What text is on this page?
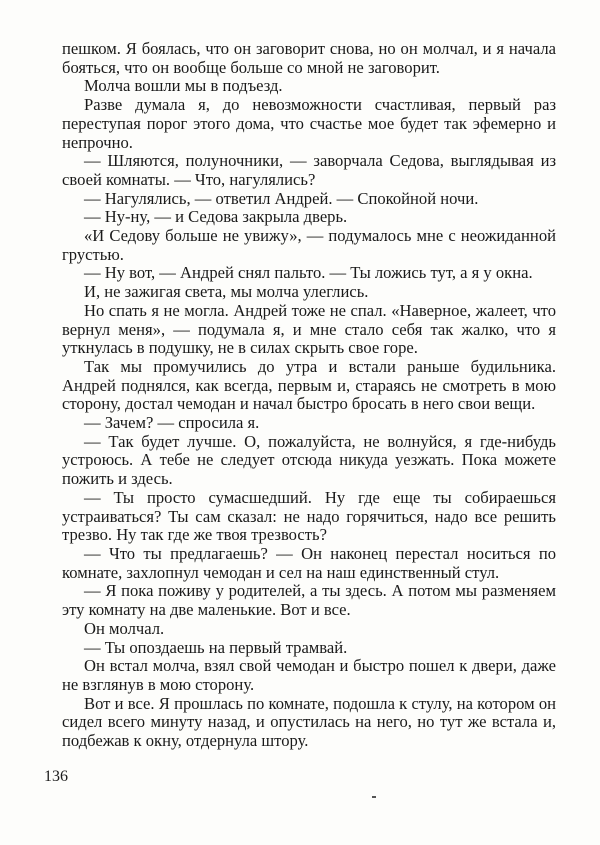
пешком. Я боялась, что он заговорит снова, но он молчал, и я начала бояться, что он вообще больше со мной не заговорит.

Молча вошли мы в подъезд.

Разве думала я, до невозможности счастливая, первый раз переступая порог этого дома, что счастье мое будет так эфемерно и непрочно.

— Шляются, полуночники, — заворчала Седова, выглядывая из своей комнаты. — Что, нагулялись?

— Нагулялись, — ответил Андрей. — Спокойной ночи.

— Ну-ну, — и Седова закрыла дверь.

«И Седову больше не увижу», — подумалось мне с неожиданной грустью.

— Ну вот, — Андрей снял пальто. — Ты ложись тут, а я у окна.

И, не зажигая света, мы молча улеглись.

Но спать я не могла. Андрей тоже не спал. «Наверное, жалеет, что вернул меня», — подумала я, и мне стало себя так жалко, что я уткнулась в подушку, не в силах скрыть свое горе.

Так мы промучились до утра и встали раньше будильника. Андрей поднялся, как всегда, первым и, стараясь не смотреть в мою сторону, достал чемодан и начал быстро бросать в него свои вещи.

— Зачем? — спросила я.

— Так будет лучше. О, пожалуйста, не волнуйся, я где-нибудь устроюсь. А тебе не следует отсюда никуда уезжать. Пока можете пожить и здесь.

— Ты просто сумасшедший. Ну где еще ты собираешься устраиваться? Ты сам сказал: не надо горячиться, надо все решить трезво. Ну так где же твоя трезвость?

— Что ты предлагаешь? — Он наконец перестал носиться по комнате, захлопнул чемодан и сел на наш единственный стул.

— Я пока поживу у родителей, а ты здесь. А потом мы разменяем эту комнату на две маленькие. Вот и все.

Он молчал.

— Ты опоздаешь на первый трамвай.

Он встал молча, взял свой чемодан и быстро пошел к двери, даже не взглянув в мою сторону.

Вот и все. Я прошлась по комнате, подошла к стулу, на котором он сидел всего минуту назад, и опустилась на него, но тут же встала и, подбежав к окну, отдернула штору.

136
